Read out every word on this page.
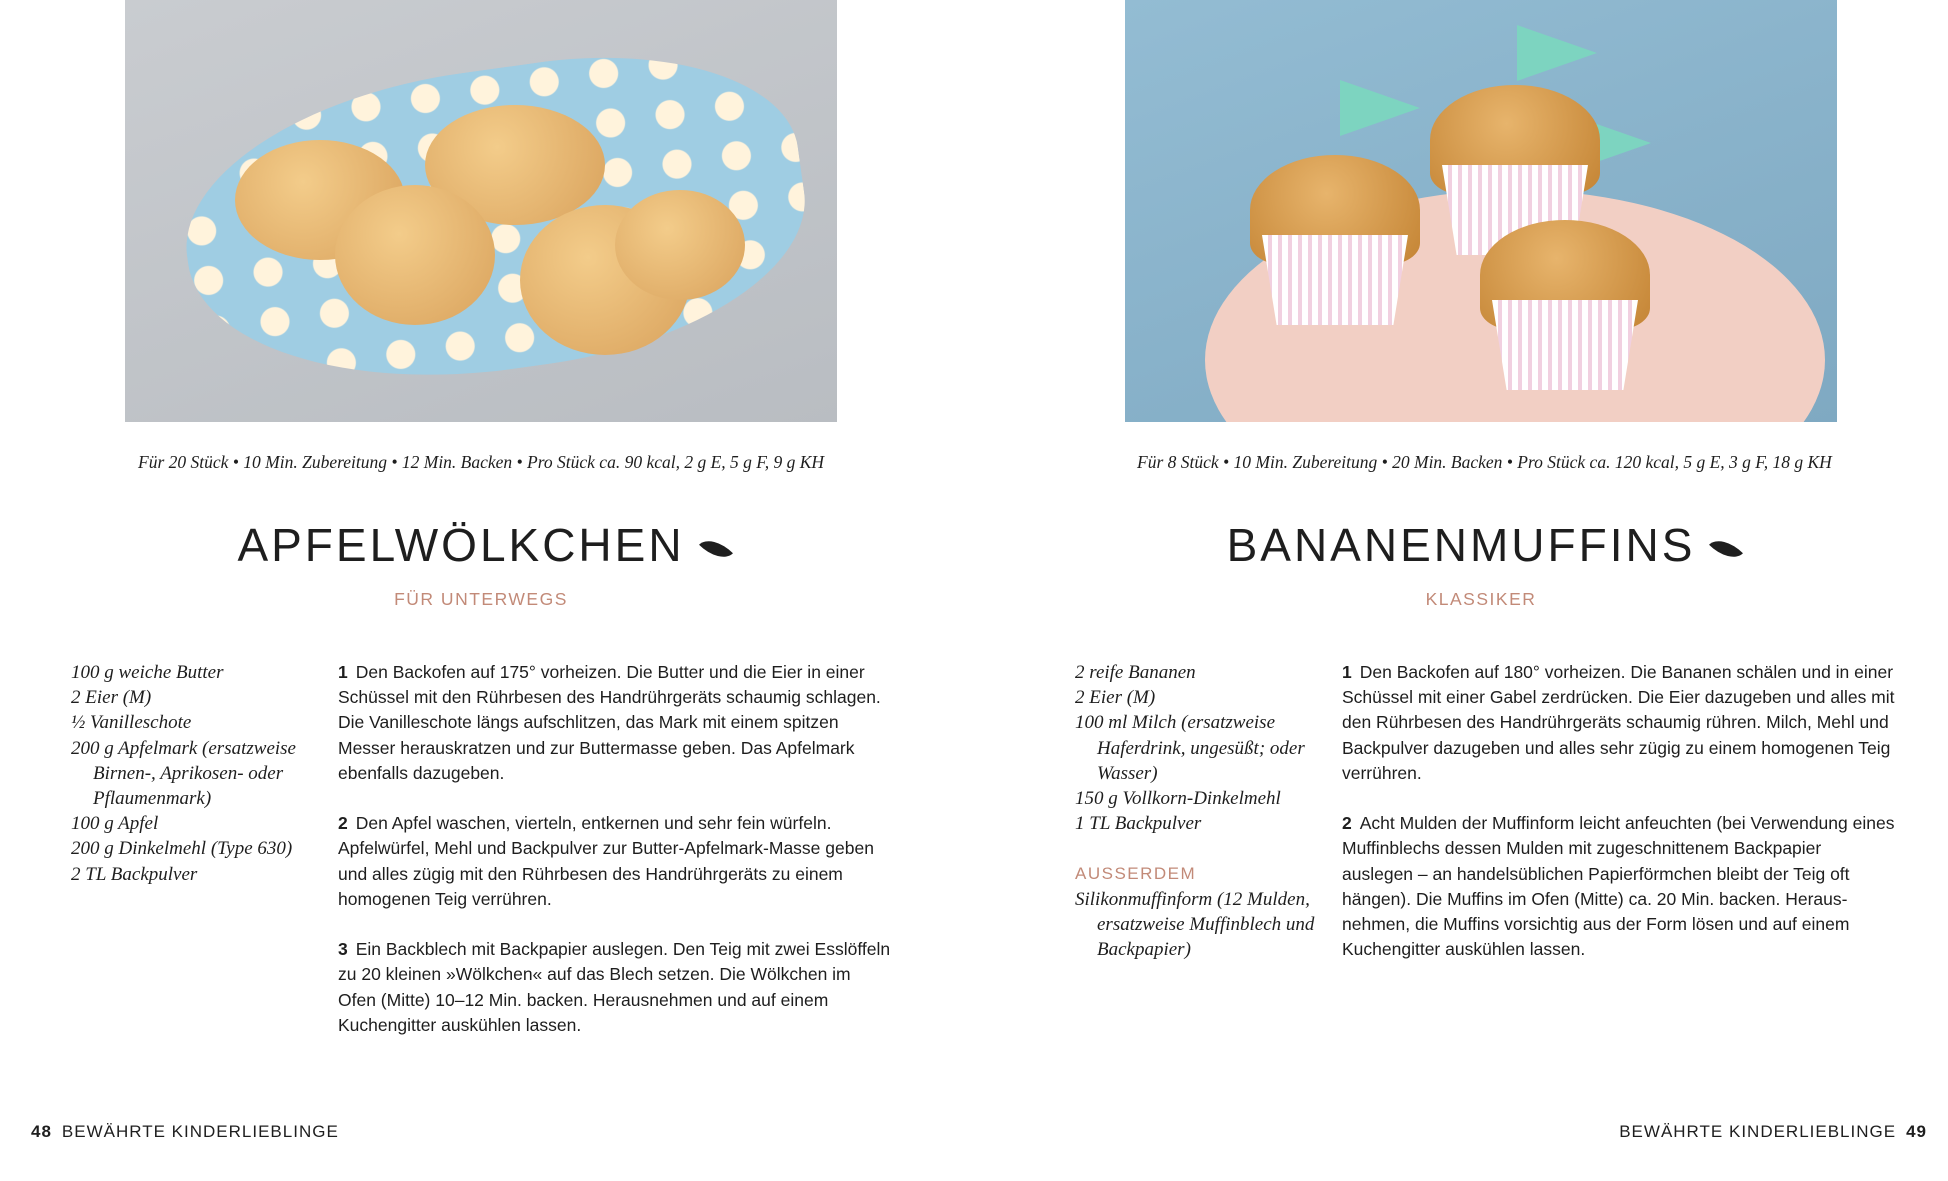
Für 20 Stück • 10 Min. Zubereitung • 12 Min. Backen • Pro Stück ca. 90 kcal, 2 g E, 5 g F, 9 g KH
APFELWÖLKCHEN
FÜR UNTERWEGS
100 g weiche Butter
2 Eier (M)
½ Vanilleschote
200 g Apfelmark (ersatzweise Birnen-, Aprikosen- oder Pflaumenmark)
100 g Apfel
200 g Dinkelmehl (Type 630)
2 TL Backpulver

1 Den Backofen auf 175° vorheizen. Die Butter und die Eier in einer Schüssel mit den Rührbesen des Handrührgeräts schaumig schlagen. Die Vanilleschote längs aufschlitzen, das Mark mit einem spitzen Messer herauskratzen und zur Buttermasse geben. Das Apfelmark ebenfalls dazugeben.

2 Den Apfel waschen, vierteln, entkernen und sehr fein würfeln. Apfelwürfel, Mehl und Backpulver zur Butter-Apfelmark-Masse geben und alles zügig mit den Rührbesen des Handrührgeräts zu einem homogenen Teig verrühren.

3 Ein Backblech mit Backpapier auslegen. Den Teig mit zwei Esslöffeln zu 20 kleinen »Wölkchen« auf das Blech setzen. Die Wölkchen im Ofen (Mitte) 10–12 Min. backen. Herausnehmen und auf einem Kuchengitter auskühlen lassen.

48 BEWÄHRTE KINDERLIEBLINGE
Für 8 Stück • 10 Min. Zubereitung • 20 Min. Backen • Pro Stück ca. 120 kcal, 5 g E, 3 g F, 18 g KH
BANANENMUFFINS
KLASSIKER
2 reife Bananen
2 Eier (M)
100 ml Milch (ersatzweise Haferdrink, ungesüßt; oder Wasser)
150 g Vollkorn-Dinkelmehl
1 TL Backpulver
AUSSERDEM
Silikonmuffinform (12 Mulden, ersatzweise Muffinblech und Backpapier)

1 Den Backofen auf 180° vorheizen. Die Bananen schälen und in einer Schüssel mit einer Gabel zerdrücken. Die Eier dazugeben und alles mit den Rührbesen des Handrührgeräts schaumig rühren. Milch, Mehl und Backpulver dazugeben und alles sehr zügig zu einem homogenen Teig verrühren.

2 Acht Mulden der Muffinform leicht anfeuchten (bei Verwendung eines Muffinblechs dessen Mulden mit zugeschnittenem Backpapier auslegen – an handelsüblichen Papierförmchen bleibt der Teig oft hängen). Die Muffins im Ofen (Mitte) ca. 20 Min. backen. Herausnehmen, die Muffins vorsichtig aus der Form lösen und auf einem Kuchengitter auskühlen lassen.

BEWÄHRTE KINDERLIEBLINGE 49
